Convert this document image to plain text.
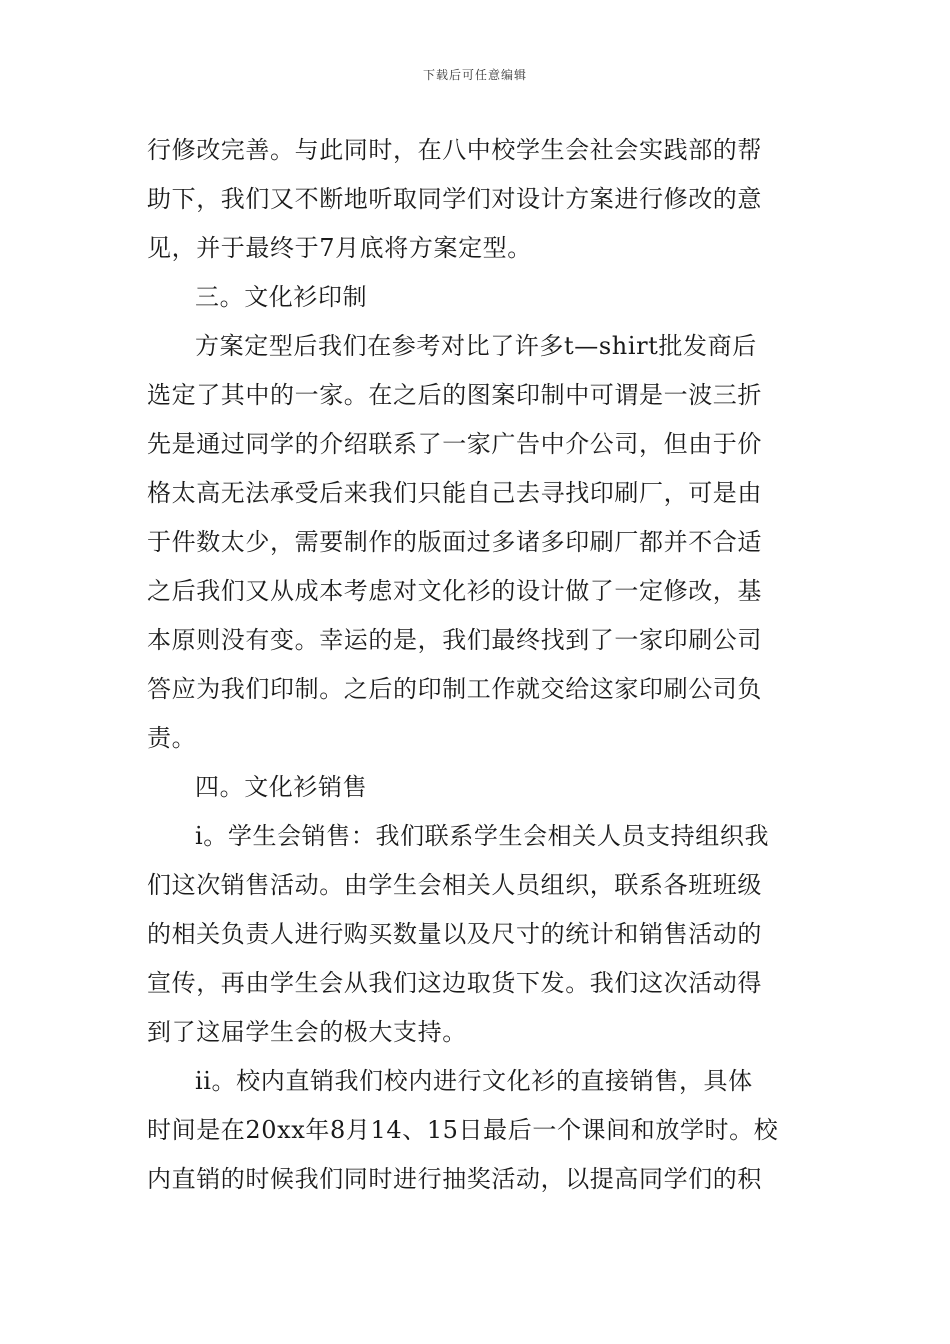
下载后可任意编辑
行修改完善。与此同时，在八中校学生会社会实践部的帮
助下，我们又不断地听取同学们对设计方案进行修改的意
见，并于最终于7月底将方案定型。
三。文化衫印制
方案定型后我们在参考对比了许多t—shirt批发商后
选定了其中的一家。在之后的图案印制中可谓是一波三折
先是通过同学的介绍联系了一家广告中介公司，但由于价
格太高无法承受后来我们只能自己去寻找印刷厂，可是由
于件数太少，需要制作的版面过多诸多印刷厂都并不合适
之后我们又从成本考虑对文化衫的设计做了一定修改，基
本原则没有变。幸运的是，我们最终找到了一家印刷公司
答应为我们印制。之后的印制工作就交给这家印刷公司负
责。
四。文化衫销售
i。学生会销售：我们联系学生会相关人员支持组织我
们这次销售活动。由学生会相关人员组织，联系各班班级
的相关负责人进行购买数量以及尺寸的统计和销售活动的
宣传，再由学生会从我们这边取货下发。我们这次活动得
到了这届学生会的极大支持。
ii。校内直销我们校内进行文化衫的直接销售，具体
时间是在20xx年8月14、15日最后一个课间和放学时。校
内直销的时候我们同时进行抽奖活动，以提高同学们的积
